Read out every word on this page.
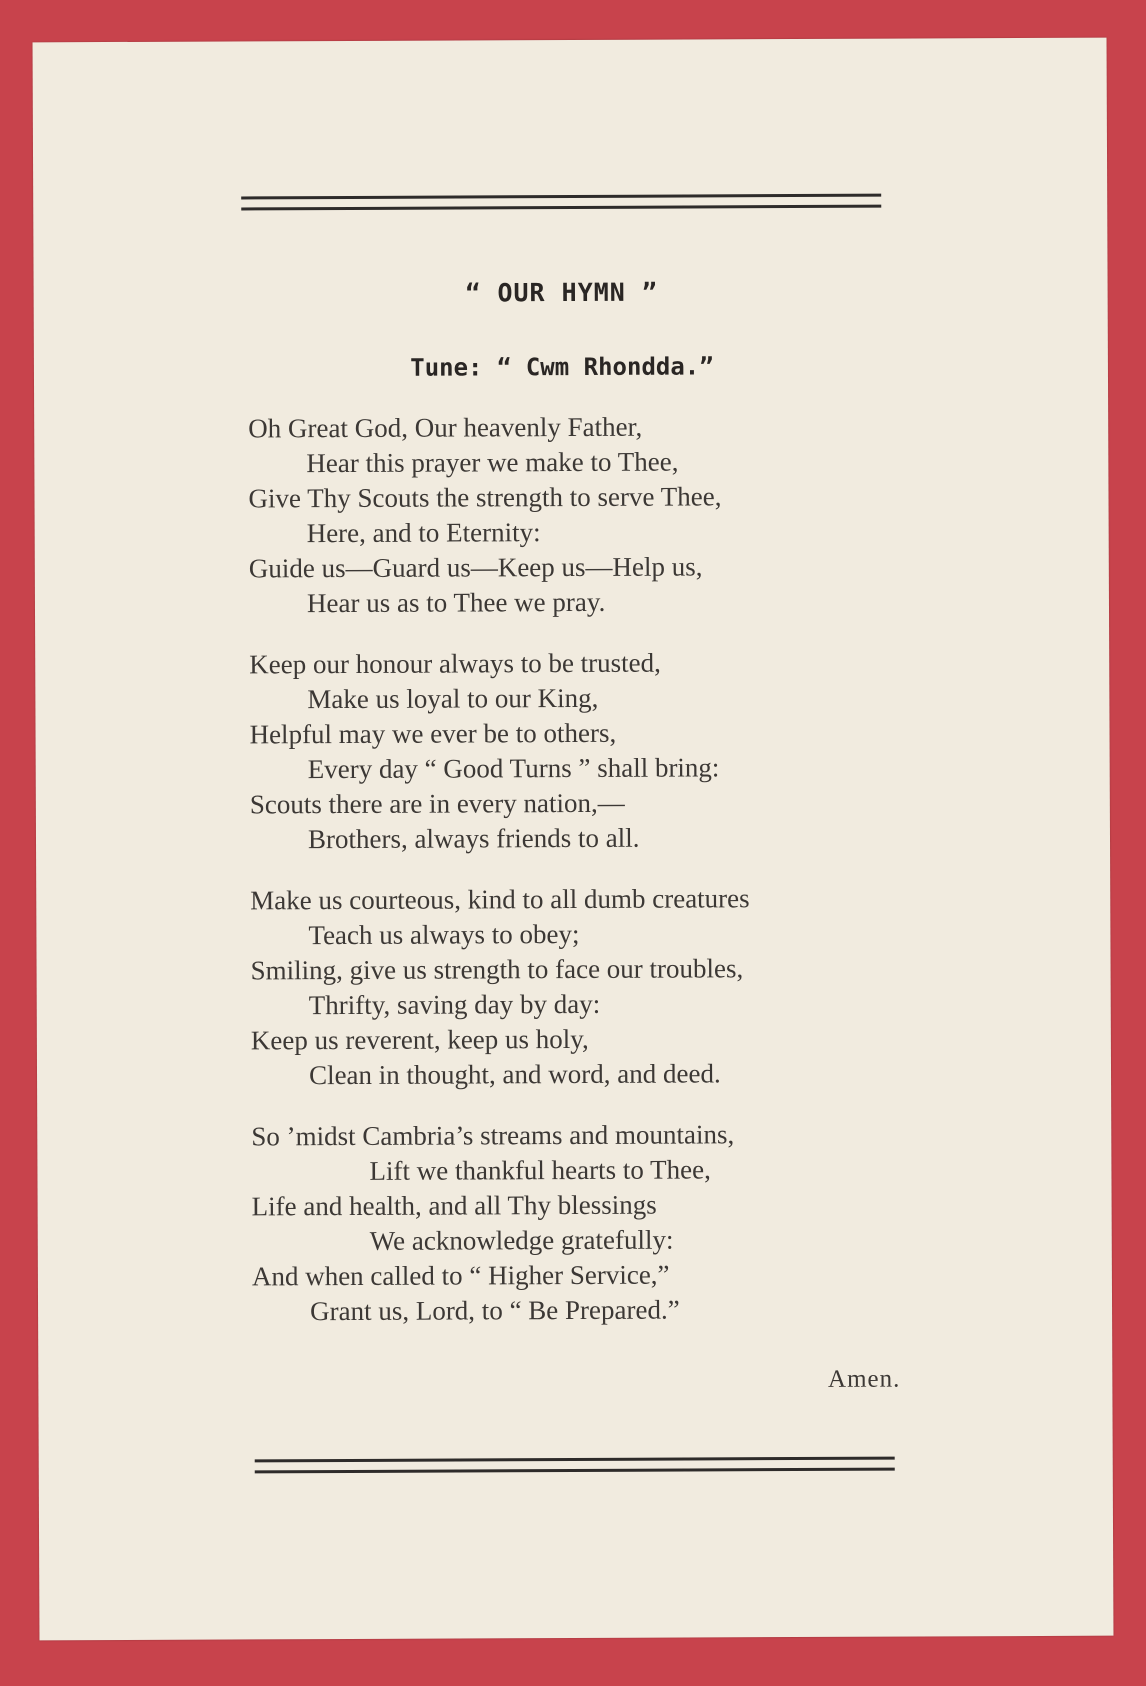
“ OUR HYMN ”
Tune: “ Cwm Rhondda.”
Oh Great God, Our heavenly Father,
Hear this prayer we make to Thee,
Give Thy Scouts the strength to serve Thee,
Here, and to Eternity:
Guide us—Guard us—Keep us—Help us,
Hear us as to Thee we pray.
Keep our honour always to be trusted,
Make us loyal to our King,
Helpful may we ever be to others,
Every day “ Good Turns ” shall bring:
Scouts there are in every nation,—
Brothers, always friends to all.
Make us courteous, kind to all dumb creatures
Teach us always to obey;
Smiling, give us strength to face our troubles,
Thrifty, saving day by day:
Keep us reverent, keep us holy,
Clean in thought, and word, and deed.
So ’midst Cambria’s streams and mountains,
Lift we thankful hearts to Thee,
Life and health, and all Thy blessings
We acknowledge gratefully:
And when called to “ Higher Service,”
Grant us, Lord, to “ Be Prepared.”
Amen.
